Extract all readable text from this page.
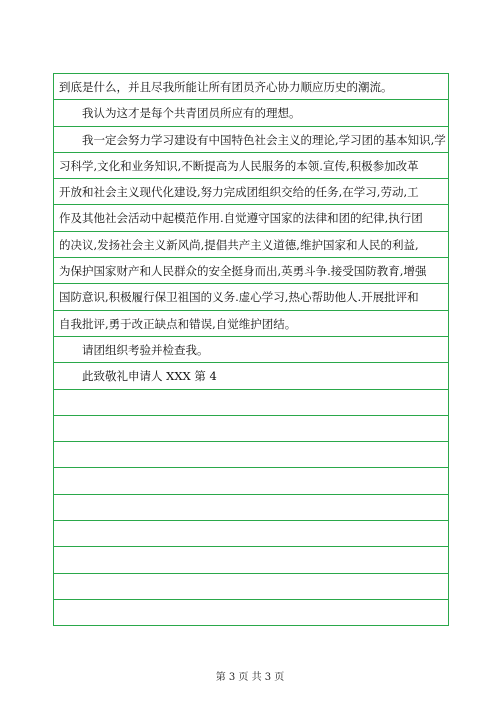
到底是什么，并且尽我所能让所有团员齐心协力顺应历史的潮流。
我认为这才是每个共青团员所应有的理想。
我一定会努力学习建设有中国特色社会主义的理论,学习团的基本知识,学
习科学,文化和业务知识,不断提高为人民服务的本领.宣传,积极参加改革
开放和社会主义现代化建设,努力完成团组织交给的任务,在学习,劳动,工
作及其他社会活动中起模范作用.自觉遵守国家的法律和团的纪律,执行团
的决议,发扬社会主义新风尚,提倡共产主义道德,维护国家和人民的利益,
为保护国家财产和人民群众的安全挺身而出,英勇斗争.接受国防教育,增强
国防意识,积极履行保卫祖国的义务.虚心学习,热心帮助他人.开展批评和
自我批评,勇于改正缺点和错误,自觉维护团结。
请团组织考验并检查我。
此致敬礼申请人 XXX 第 4
第 3 页 共 3 页
